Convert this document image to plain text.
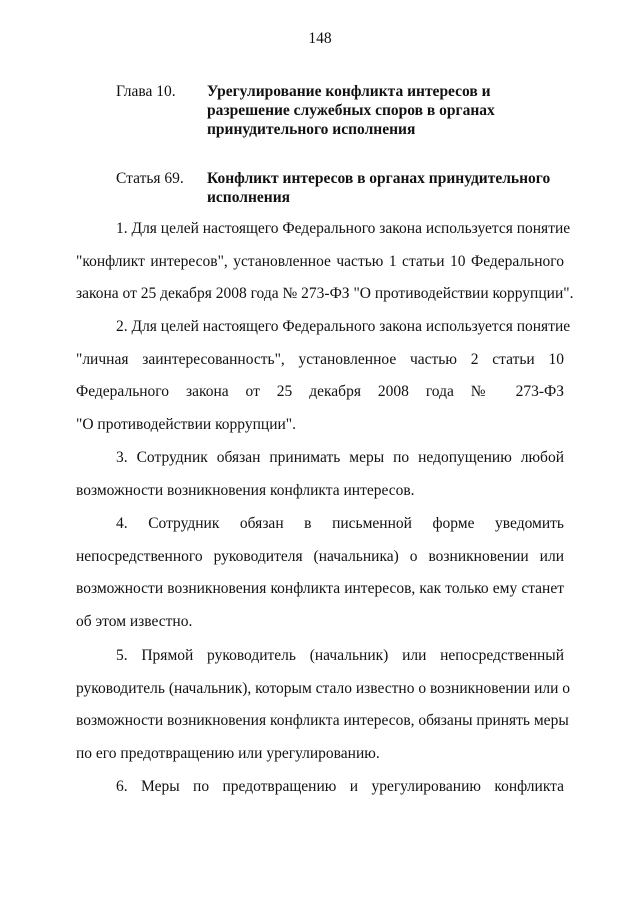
148
Глава 10. Урегулирование конфликта интересов и
разрешение служебных споров в органах
принудительного исполнения
Статья 69. Конфликт интересов в органах принудительного
исполнения
1. Для целей настоящего Федерального закона используется понятие
"конфликт интересов", установленное частью 1 статьи 10 Федерального
закона от 25 декабря 2008 года № 273-ФЗ "О противодействии коррупции".
2. Для целей настоящего Федерального закона используется понятие
"личная заинтересованность", установленное частью 2 статьи 10
Федерального закона от 25 декабря 2008 года № 273-ФЗ
"О противодействии коррупции".
3. Сотрудник обязан принимать меры по недопущению любой
возможности возникновения конфликта интересов.
4. Сотрудник обязан в письменной форме уведомить
непосредственного руководителя (начальника) о возникновении или
возможности возникновения конфликта интересов, как только ему станет
об этом известно.
5. Прямой руководитель (начальник) или непосредственный
руководитель (начальник), которым стало известно о возникновении или о
возможности возникновения конфликта интересов, обязаны принять меры
по его предотвращению или урегулированию.
6. Меры по предотвращению и урегулированию конфликта
